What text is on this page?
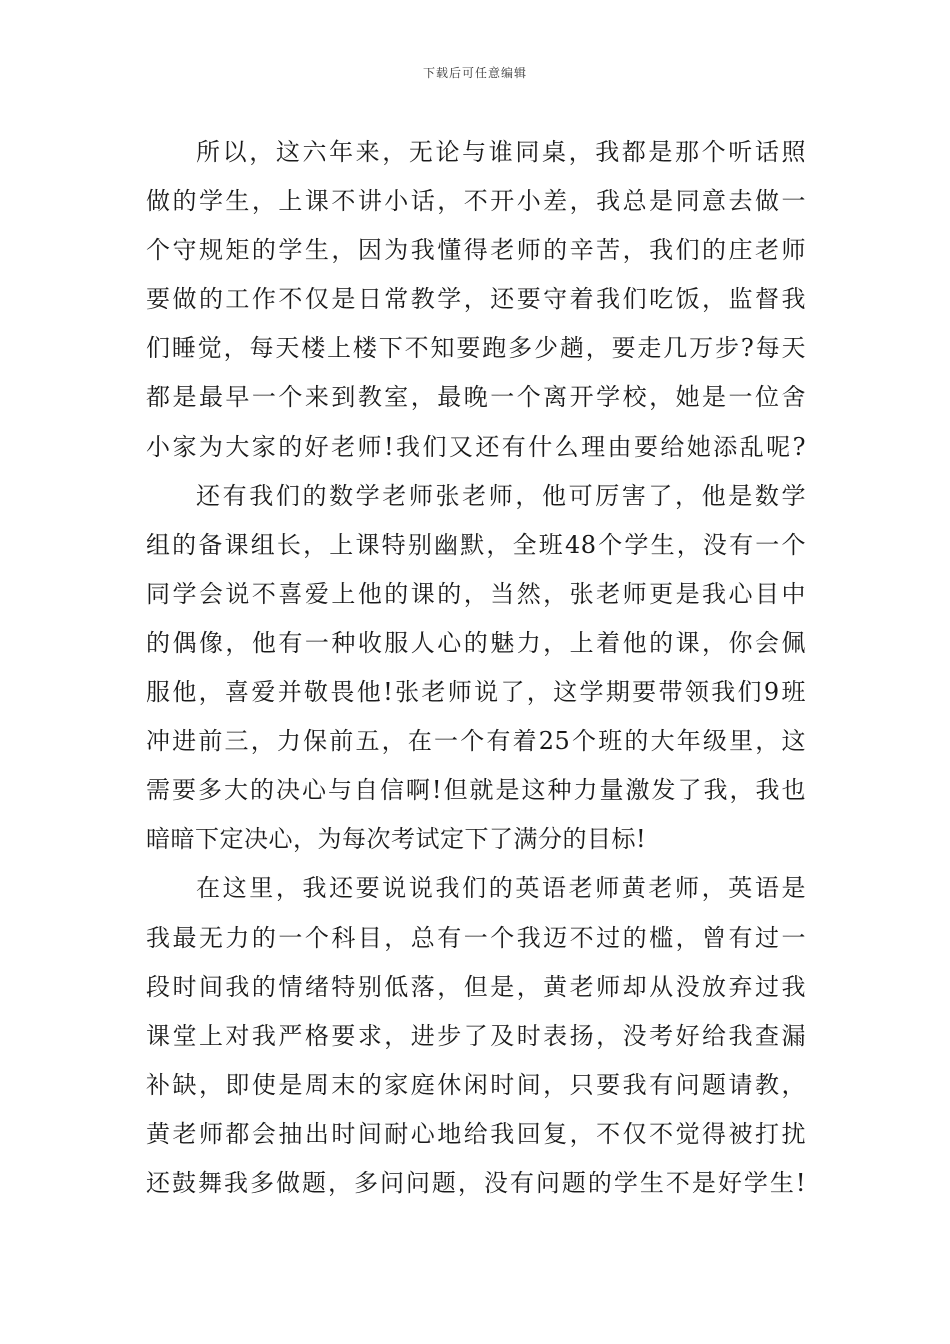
下载后可任意编辑
所以，这六年来，无论与谁同桌，我都是那个听话照
做的学生，上课不讲小话，不开小差，我总是同意去做一
个守规矩的学生，因为我懂得老师的辛苦，我们的庄老师
要做的工作不仅是日常教学，还要守着我们吃饭，监督我
们睡觉，每天楼上楼下不知要跑多少趟，要走几万步?每天
都是最早一个来到教室，最晚一个离开学校，她是一位舍
小家为大家的好老师!我们又还有什么理由要给她添乱呢?
还有我们的数学老师张老师，他可厉害了，他是数学
组的备课组长，上课特别幽默，全班48个学生，没有一个
同学会说不喜爱上他的课的，当然，张老师更是我心目中
的偶像，他有一种收服人心的魅力，上着他的课，你会佩
服他，喜爱并敬畏他!张老师说了，这学期要带领我们9班
冲进前三，力保前五，在一个有着25个班的大年级里，这
需要多大的决心与自信啊!但就是这种力量激发了我，我也
暗暗下定决心，为每次考试定下了满分的目标!
在这里，我还要说说我们的英语老师黄老师，英语是
我最无力的一个科目，总有一个我迈不过的槛，曾有过一
段时间我的情绪特别低落，但是，黄老师却从没放弃过我
课堂上对我严格要求，进步了及时表扬，没考好给我查漏
补缺，即使是周末的家庭休闲时间，只要我有问题请教，
黄老师都会抽出时间耐心地给我回复，不仅不觉得被打扰
还鼓舞我多做题，多问问题，没有问题的学生不是好学生!
